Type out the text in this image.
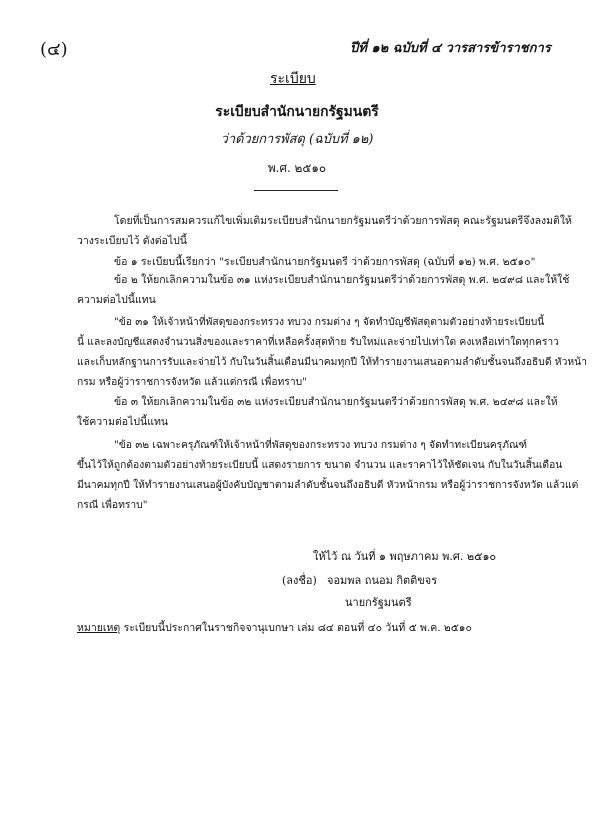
(๔)	ปีที่ ๑๒ ฉบับที่ ๔ วารสารข้าราชการ
ระเบียบ
ระเบียบสำนักนายกรัฐมนตรี
ว่าด้วยการพัสดุ (ฉบับที่ ๑๒)
พ.ศ. ๒๕๑๐
โดยที่เป็นการสมควรแก้ไขเพิ่มเติมระเบียบสำนักนายกรัฐมนตรีว่าด้วยการพัสดุ คณะรัฐมนตรีจึงลงมติให้
วางระเบียบไว้ ดังต่อไปนี้
ข้อ ๑ ระเบียบนี้เรียกว่า "ระเบียบสำนักนายกรัฐมนตรี ว่าด้วยการพัสดุ (ฉบับที่ ๑๒) พ.ศ. ๒๕๑๐"
ข้อ ๒ ให้ยกเลิกความในข้อ ๓๑ แห่งระเบียบสำนักนายกรัฐมนตรีว่าด้วยการพัสดุ พ.ศ. ๒๔๙๘ และให้ใช้
ความต่อไปนี้แทน
"ข้อ ๓๑ ให้เจ้าหน้าที่พัสดุของกระทรวง ทบวง กรมต่าง ๆ จัดทำบัญชีพัสดุตามตัวอย่างท้ายระเบียบนี้
นี้ และลงบัญชีแสดงจำนวนสิ่งของและราคาที่เหลือครั้งสุดท้าย รับใหม่และจ่ายไปเท่าใด คงเหลือเท่าใดทุกคราว
และเก็บหลักฐานการรับและจ่ายไว้ กับในวันสิ้นเดือนมีนาคมทุกปี ให้ทำรายงานเสนอตามลำดับชั้นจนถึงอธิบดี หัวหน้า
กรม หรือผู้ว่าราชการจังหวัด แล้วแต่กรณี เพื่อทราบ"
ข้อ ๓ ให้ยกเลิกความในข้อ ๓๒ แห่งระเบียบสำนักนายกรัฐมนตรีว่าด้วยการพัสดุ พ.ศ. ๒๔๙๘ และให้
ใช้ความต่อไปนี้แทน
"ข้อ ๓๒ เฉพาะครุภัณฑ์ให้เจ้าหน้าที่พัสดุของกระทรวง ทบวง กรมต่าง ๆ จัดทำทะเบียนครุภัณฑ์
ขึ้นไว้ให้ถูกต้องตามตัวอย่างท้ายระเบียบนี้ แสดงรายการ ขนาด จำนวน และราคาไว้ให้ชัดเจน กับในวันสิ้นเดือน
มีนาคมทุกปี ให้ทำรายงานเสนอผู้บังคับบัญชาตามลำดับชั้นจนถึงอธิบดี หัวหน้ากรม หรือผู้ว่าราชการจังหวัด แล้วแต่
กรณี เพื่อทราบ"
ให้ไว้ ณ วันที่ ๑ พฤษภาคม พ.ศ. ๒๕๑๐
(ลงชื่อ) จอมพล ถนอม กิตติขจร
นายกรัฐมนตรี
หมายเหตุ ระเบียบนี้ประกาศในราชกิจจานุเบกษา เล่ม ๘๔ ตอนที่ ๔๐ วันที่ ๕ พ.ค. ๒๕๑๐
